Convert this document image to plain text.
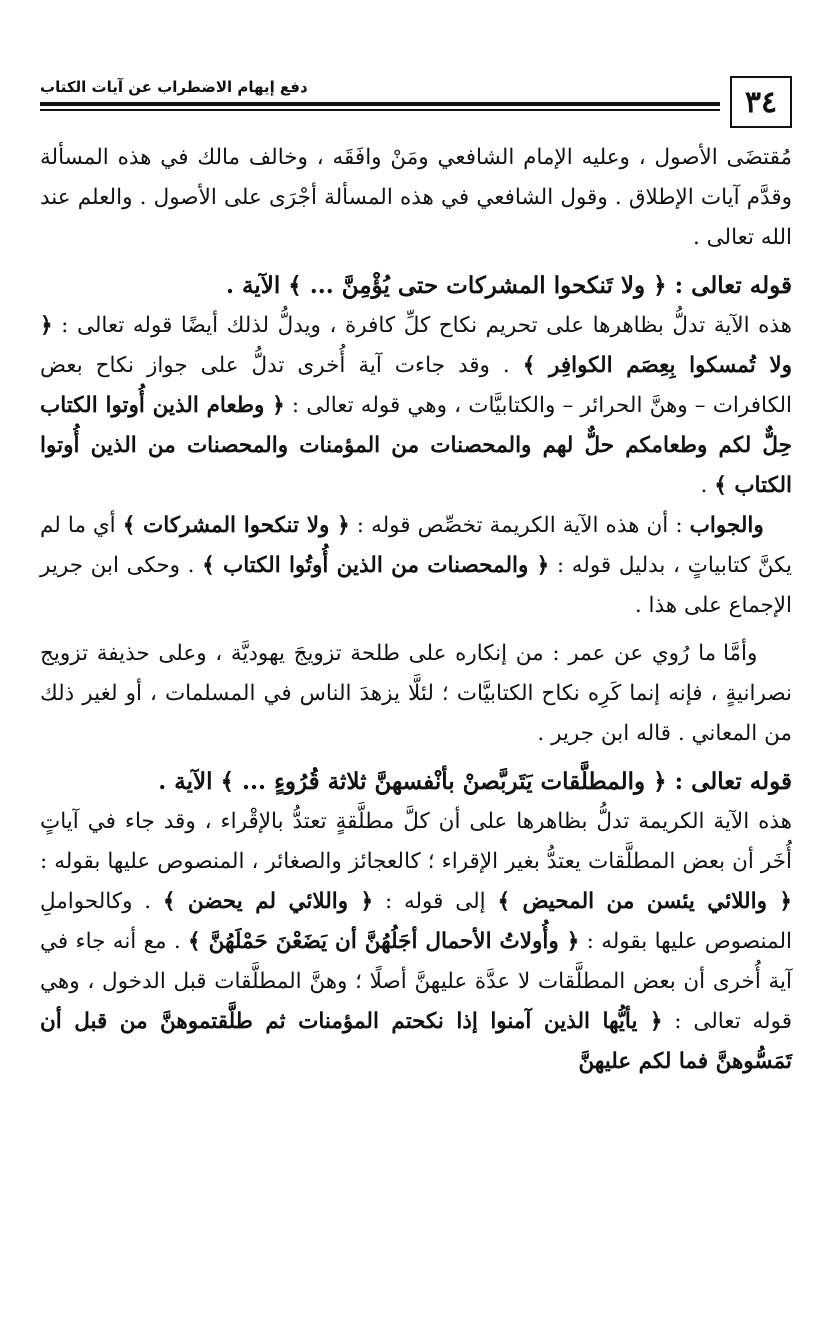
٣٤
دفع إيهام الاضطراب عن آيات الكتاب

مُقتضَى الأصول ، وعليه الإمام الشافعي ومَنْ وافَقَه ، وخالف مالك في هذه المسألة وقدَّم آيات الإطلاق . وقول الشافعي في هذه المسألة أجْرَى على الأصول . والعلم عند الله تعالى .

قوله تعالى : ﴿ ولا تَنكحوا المشركات حتى يُؤْمِنَّ ... ﴾ الآية .

هذه الآية تدلُّ بظاهرها على تحريم نكاح كلِّ كافرة ، ويدلُّ لذلك أيضًا قوله تعالى : ﴿ ولا تُمسكوا بِعِصَم الكوافِر ﴾ . وقد جاءت آية أُخرى تدلُّ على جواز نكاح بعض الكافرات – وهنَّ الحرائر – والكتابيَّات ، وهي قوله تعالى : ﴿ وطعام الذين أُوتوا الكتاب حِلٌّ لكم وطعامكم حلٌّ لهم والمحصنات من المؤمنات والمحصنات من الذين أُوتوا الكتاب ﴾ .

والجواب : أن هذه الآية الكريمة تخصِّص قوله : ﴿ ولا تنكحوا المشركات ﴾ أي ما لم يكنَّ كتابياتٍ ، بدليل قوله : ﴿ والمحصنات من الذين أُوتُوا الكتاب ﴾ . وحكى ابن جرير الإجماع على هذا .

وأمَّا ما رُوي عن عمر : من إنكاره على طلحة تزويجَ يهوديَّة ، وعلى حذيفة تزويج نصرانيةٍ ، فإنه إنما كَرِه نكاح الكتابيَّات ؛ لئلَّا يزهدَ الناس في المسلمات ، أو لغير ذلك من المعاني . قاله ابن جرير .

قوله تعالى : ﴿ والمطلَّقات يَتَربَّصنْ بأنْفسهنَّ ثلاثة قُرُوءٍ ... ﴾ الآية .

هذه الآية الكريمة تدلُّ بظاهرها على أن كلَّ مطلَّقةٍ تعتدُّ بالإقْراء ، وقد جاء في آياتٍ أُخَر أن بعض المطلَّقات يعتدُّ بغير الإقراء ؛ كالعجائز والصغائر ، المنصوص عليها بقوله : ﴿ واللائي يئسن من المحيض ﴾ إلى قوله : ﴿ واللائي لم يحضن ﴾ . وكالحواملِ المنصوص عليها بقوله : ﴿ وأُولاتُ الأحمال أجَلُهُنَّ أن يَضَعْنَ حَمْلَهُنَّ ﴾ . مع أنه جاء في آية أُخرى أن بعض المطلَّقات لا عدَّة عليهنَّ أصلًا ؛ وهنَّ المطلَّقات قبل الدخول ، وهي قوله تعالى : ﴿ يأيُّها الذين آمنوا إذا نكحتم المؤمنات ثم طلَّقتموهنَّ من قبل أن تَمَسُّوهنَّ فما لكم عليهنَّ
